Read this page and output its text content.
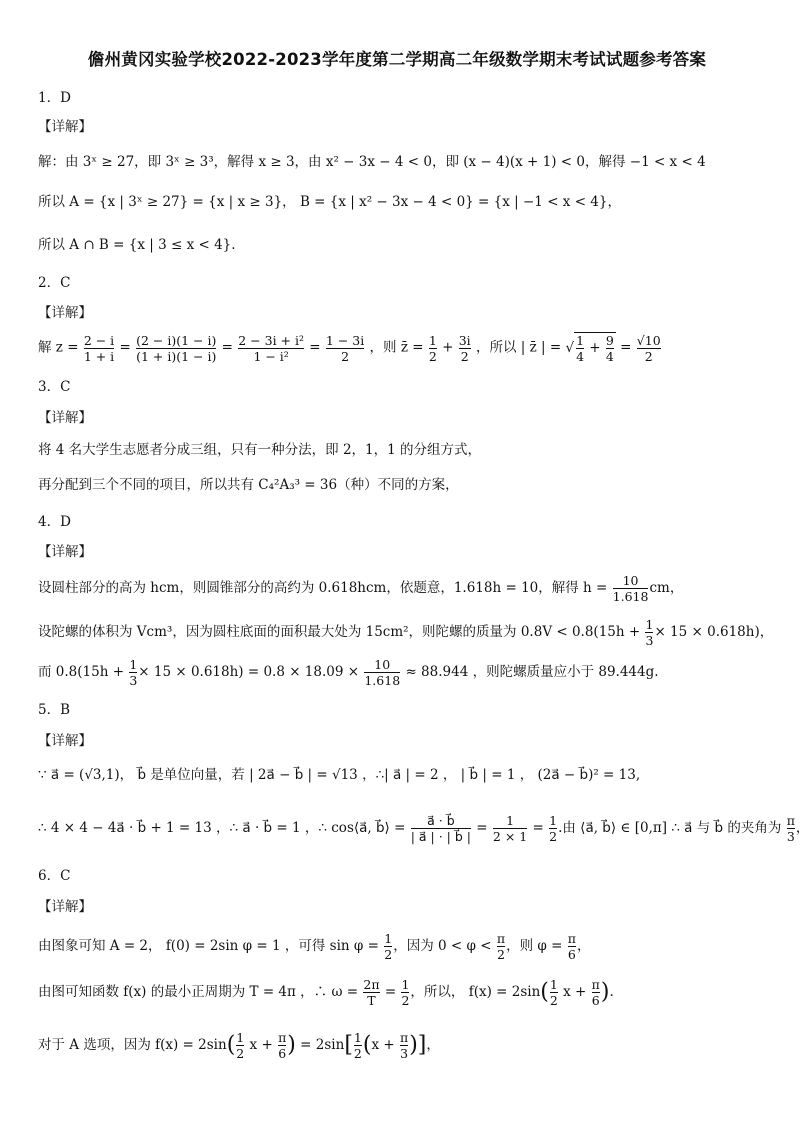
儋州黄冈实验学校2022-2023学年度第二学期高二年级数学期末考试试题参考答案
1．D
【详解】
解：由 3ˣ ≥ 27，即 3ˣ ≥ 3³，解得 x ≥ 3，由 x² − 3x − 4 < 0，即 (x − 4)(x + 1) < 0，解得 −1 < x < 4
所以 A = {x | 3ˣ ≥ 27} = {x | x ≥ 3}， B = {x | x² − 3x − 4 < 0} = {x | −1 < x < 4}，
所以 A ∩ B = {x | 3 ≤ x < 4}.
2．C
【详解】
解 $z = \frac{2 - i}{1 + i} = \frac{(2 - i)(1 - i)}{(1 + i)(1 - i)} = \frac{\text{2 − 3i + i²}}{\text{1 − i²}} = \frac{1 - 3i}{2}$ ，则 z̄ = $\frac{1}{2} + \frac{3i}{2}$ ，所以 | z̄ | = √ $\frac{1}{4} + \frac{9}{4} = \frac{√10}{2}$
3．C
【详解】
将 4 名大学生志愿者分成三组，只有一种分法，即 2，1，1 的分组方式，
再分配到三个不同的项目，所以共有 C₄²A₃³ = 36（种）不同的方案，
4．D
【详解】
设圆柱部分的高为 hcm，则圆锥部分的高约为 0.618hcm，依题意，1.618h = 10，解得 $h = \frac{10}{1.618}$ cm，
设陀螺的体积为 Vcm³，因为圆柱底面的面积最大处为 15cm²，则陀螺的质量为 $0.8V < 0.8(15h + \frac{1}{3} \times 15 \times 0.618h)$，
而 $0.8(15h + \frac{1}{3} \times 15 \times 0.618h) = 0.8 \times 18.09 \times \frac{10}{1.618} \approx 88.944$ ，则陀螺质量应小于 89.444g.
5．B
【详解】
∵ a⃗ = (√3,1)， b⃗ 是单位向量，若 | 2a⃗ − b⃗ | = √13 ，∴| a⃗ | = 2 ， | b⃗ | = 1 ， (2a⃗ − b⃗)² = 13,
∴ 4 × 4 − 4a⃗ · b⃗ + 1 = 13 ，∴ a⃗ · b⃗ = 1 ，∴ cos⟨a⃗, b⃗⟩ = $\frac{a⃗ \cdot b⃗}{| a⃗ | \cdot | b⃗ |} = \frac{1}{2 \times 1} = \frac{1}{2}$ .由 ⟨a⃗, b⃗⟩ ∈ [0,π] ∴ a⃗ 与 b⃗ 的夹角为 $\frac{\pi}{3}$ ，
6．C
【详解】
由图象可知 A = 2， f(0) = 2sin φ = 1 ，可得 $\sin \varphi = \frac{1}{2}$ ，因为 $0 < \varphi < \frac{\pi}{2}$ ，则 $\varphi = \frac{\pi}{6}$ ，
由图可知函数 f(x) 的最小正周期为 T = 4π ，∴ $\omega = \frac{2\pi}{T} = \frac{1}{2}$ ，所以， $f(x) = 2\sin( \frac{1}{2}$ $x + \frac{\pi}{6}$ ).
对于 A 选项，因为 $f(x) = 2\sin( \frac{1}{2}$ $x + \frac{\pi}{6}$ ) = $2\sin[ \frac{1}{2} (x + \frac{\pi}{3}$ )]，
